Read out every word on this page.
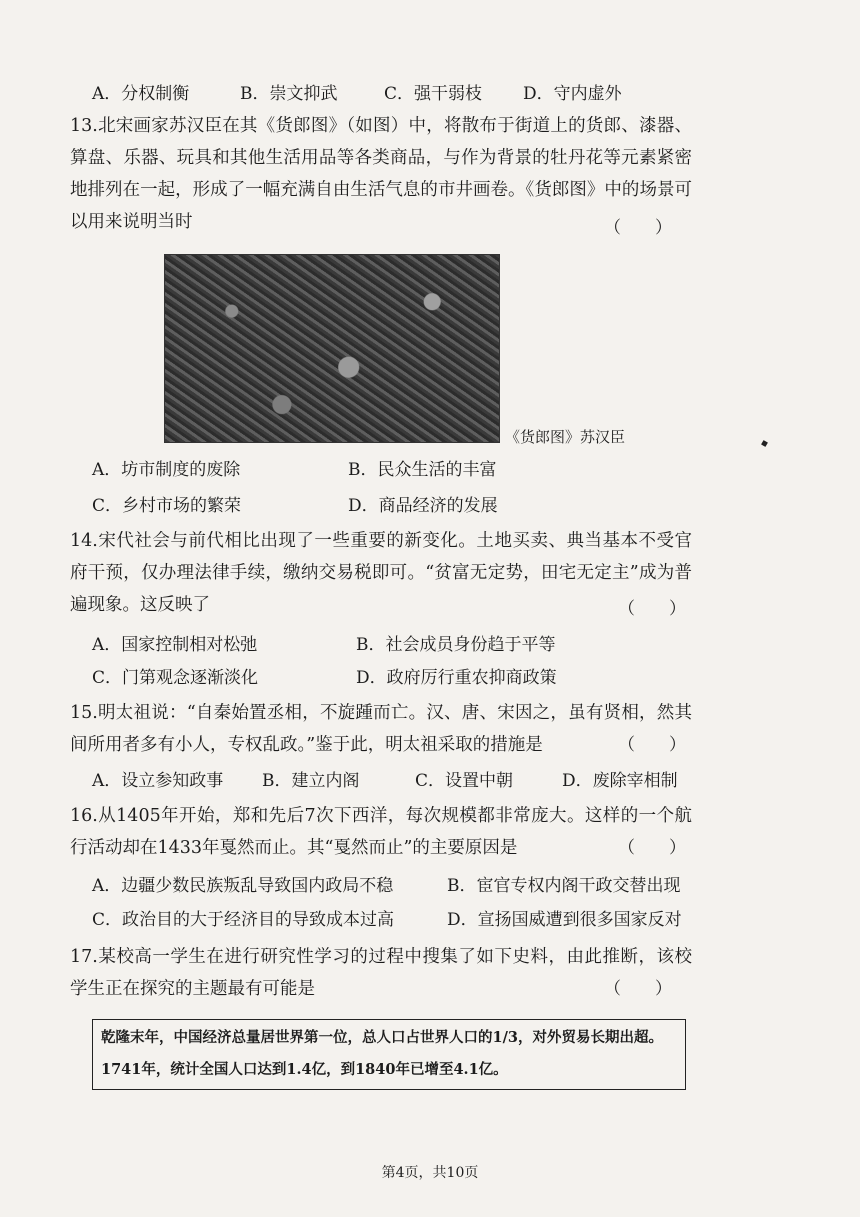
A．分权制衡	B．崇文抑武	C．强干弱枝 D．守内虚外
13.北宋画家苏汉臣在其《货郎图》（如图）中，将散布于街道上的货郎、漆器、算盘、乐器、玩具和其他生活用品等各类商品，与作为背景的牡丹花等元素紧密地排列在一起，形成了一幅充满自由生活气息的市井画卷。《货郎图》中的场景可以用来说明当时	（　　）
《货郎图》苏汉臣
A．坊市制度的废除	B．民众生活的丰富
C．乡村市场的繁荣	D．商品经济的发展
14.宋代社会与前代相比出现了一些重要的新变化。土地买卖、典当基本不受官府干预，仅办理法律手续，缴纳交易税即可。“贫富无定势，田宅无定主”成为普遍现象。这反映了	（　　）
A．国家控制相对松弛	B．社会成员身份趋于平等
C．门第观念逐渐淡化	D．政府厉行重农抑商政策
15.明太祖说：“自秦始置丞相，不旋踵而亡。汉、唐、宋因之，虽有贤相，然其间所用者多有小人，专权乱政。”鉴于此，明太祖采取的措施是	（　　）
A．设立参知政事 B．建立内阁	C．设置中朝	D．废除宰相制
16.从1405年开始，郑和先后7次下西洋，每次规模都非常庞大。这样的一个航行活动却在1433年戛然而止。其“戛然而止”的主要原因是	（　　）
A．边疆少数民族叛乱导致国内政局不稳	B．宦官专权内阁干政交替出现
C．政治目的大于经济目的导致成本过高	D．宣扬国威遭到很多国家反对
17.某校高一学生在进行研究性学习的过程中搜集了如下史料，由此推断，该校学生正在探究的主题最有可能是	（　　）
乾隆末年，中国经济总量居世界第一位，总人口占世界人口的1/3，对外贸易长期出超。
1741年，统计全国人口达到1.4亿，到1840年已增至4.1亿。
第4页，共10页
